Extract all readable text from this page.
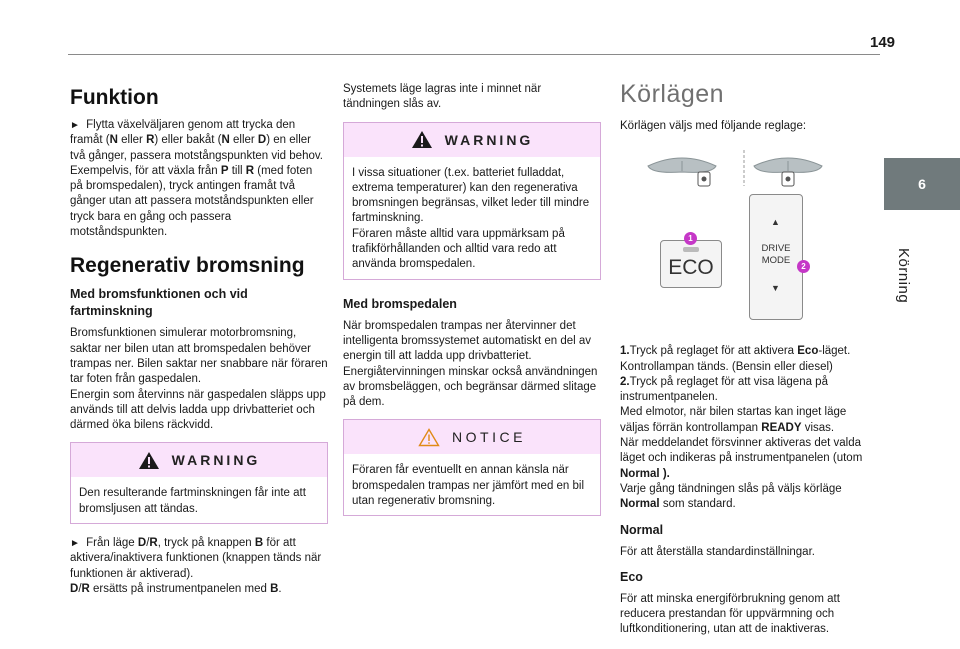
149
6
Körning
Funktion

► Flytta växelväljaren genom att trycka den framåt (N eller R) eller bakåt (N eller D) en eller två gånger, passera motstångspunkten vid behov.
Exempelvis, för att växla från P till R (med foten på bromspedalen), tryck antingen framåt två gånger utan att passera motståndspunkten eller tryck bara en gång och passera motståndspunkten.

Regenerativ bromsning
Med bromsfunktionen och vid fartminskning

Bromsfunktionen simulerar motorbromsning, saktar ner bilen utan att bromspedalen behöver trampas ner. Bilen saktar ner snabbare när föraren tar foten från gaspedalen.
Energin som återvinns när gaspedalen släpps upp används till att delvis ladda upp drivbatteriet och därmed öka bilens räckvidd.

WARNING

Den resulterande fartminskningen får inte att bromsljusen att tändas.

► Från läge D/R, tryck på knappen B för att aktivera/inaktivera funktionen (knappen tänds när funktionen är aktiverad).
D/R ersätts på instrumentpanelen med B.

Systemets läge lagras inte i minnet när tändningen slås av.

WARNING

I vissa situationer (t.ex. batteriet fulladdat, extrema temperaturer) kan den regenerativa bromsningen begränsas, vilket leder till mindre fartminskning.
Föraren måste alltid vara uppmärksam på trafikförhållanden och alltid vara redo att använda bromspedalen.

Med bromspedalen

När bromspedalen trampas ner återvinner det intelligenta bromssystemet automatiskt en del av energin till att ladda upp drivbatteriet. Energiåtervinningen minskar också användningen av bromsbeläggen, och begränsar därmed slitage på dem.

NOTICE

Föraren får eventuellt en annan känsla när bromspedalen trampas ner jämfört med en bil utan regenerativ bromsning.

Körlägen

Körlägen väljs med följande reglage:

ECO
1
▲
DRIVE
MODE
▼
2

1.Tryck på reglaget för att aktivera Eco-läget.
Kontrollampan tänds. (Bensin eller diesel)
2.Tryck på reglaget för att visa lägena på instrumentpanelen.
Med elmotor, när bilen startas kan inget läge väljas förrän kontrollampan READY visas.
När meddelandet försvinner aktiveras det valda läget och indikeras på instrumentpanelen (utom Normal ).
Varje gång tändningen slås på väljs körläge Normal som standard.

Normal

För att återställa standardinställningar.

Eco

För att minska energiförbrukning genom att reducera prestandan för uppvärmning och luftkonditionering, utan att de inaktiveras.
